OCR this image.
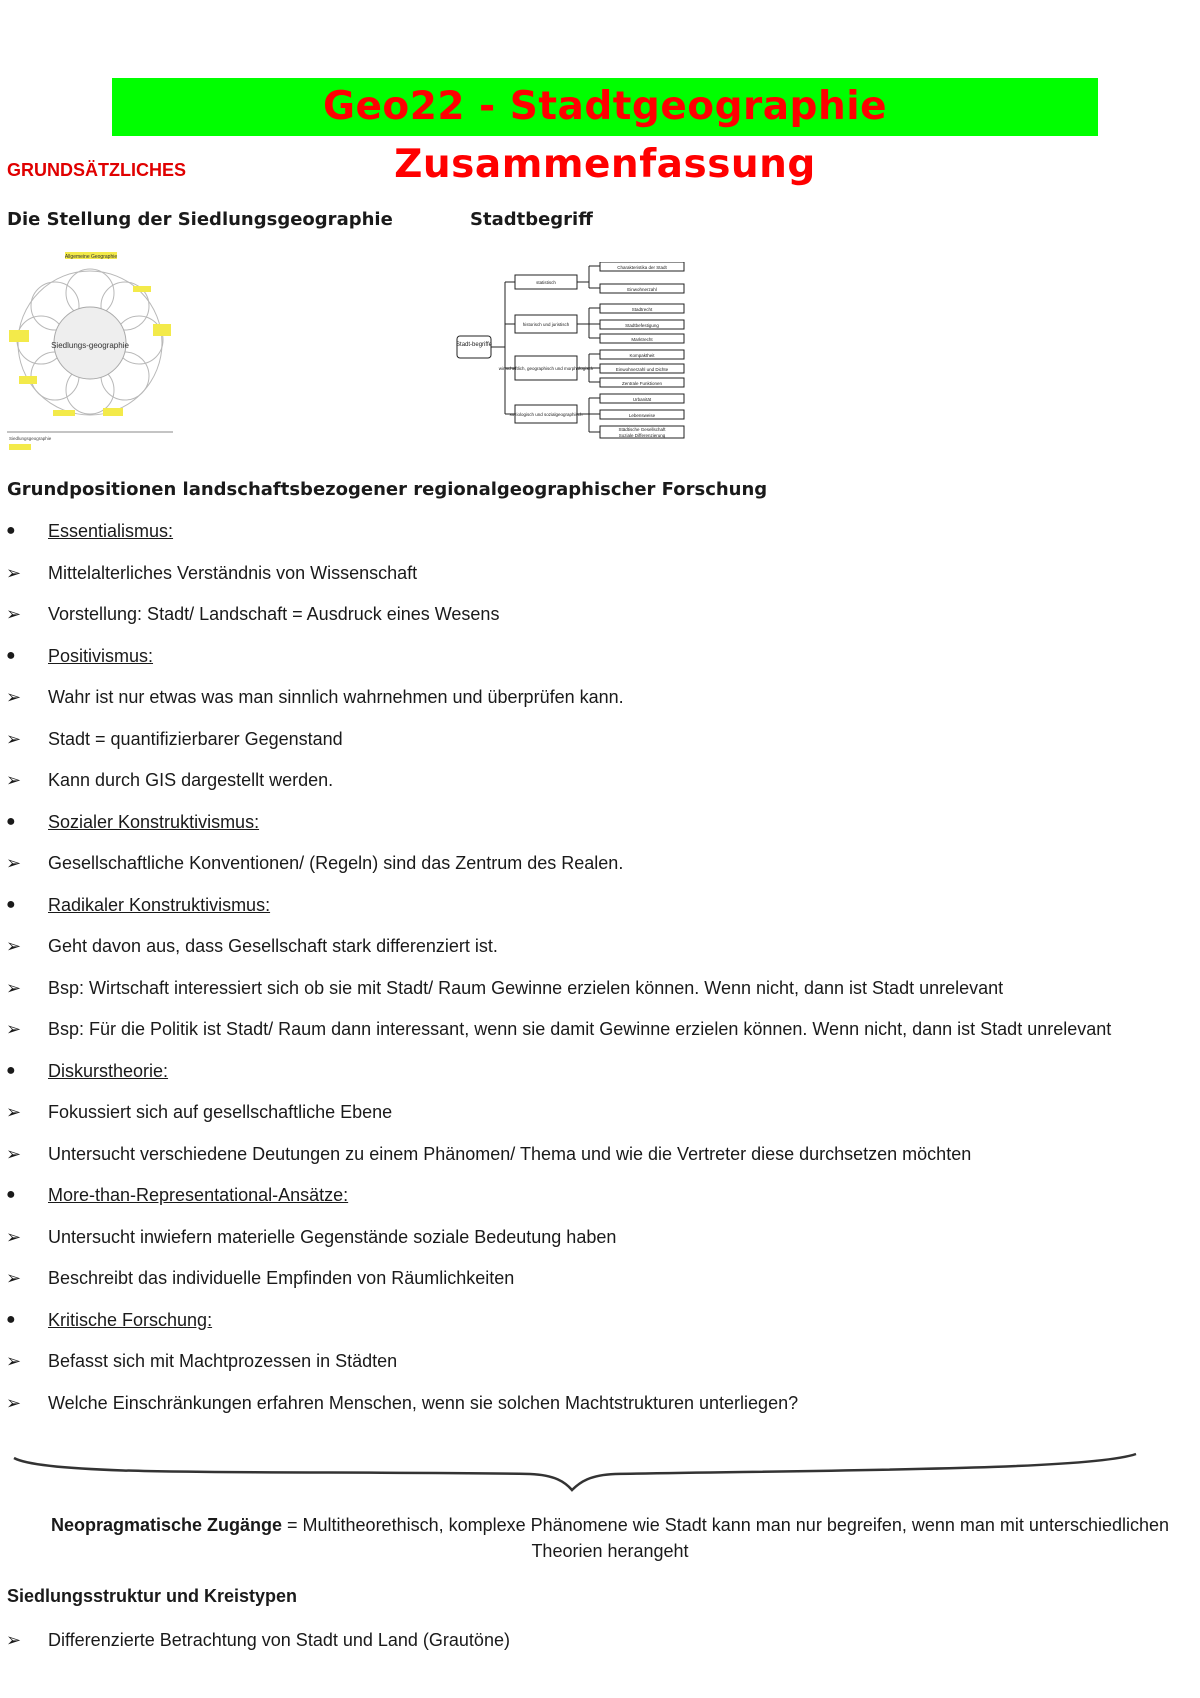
Geo22 - Stadtgeographie Zusammenfassung
GRUNDSÄTZLICHES
Die Stellung der Siedlungsgeographie	Stadtbegriff
Siedlungs-geographie
Allgemeine Geographie
Siedlungsgeographie
Stadt-begriffe
statistisch
historisch und juristisch
wirtschaftlich, geographisch und morphologisch
soziologisch und sozialgeographisch
Charakteristika der Stadt
Einwohnerzahl
Stadtrecht
Stadtbefestigung
Marktrecht
Kompaktheit
Einwohnerzahl und Dichte
Zentrale Funktionen
Urbanität
Lebensweise
Städtische Gesellschaft
Soziale Differenzierung
Grundpositionen landschaftsbezogener regionalgeographischer Forschung
●	Essentialismus:
➢ Mittelalterliches Verständnis von Wissenschaft
➢ Vorstellung: Stadt/ Landschaft = Ausdruck eines Wesens
●	Positivismus:
➢ Wahr ist nur etwas was man sinnlich wahrnehmen und überprüfen kann.
➢ Stadt = quantifizierbarer Gegenstand
➢ Kann durch GIS dargestellt werden.
●	Sozialer Konstruktivismus:
➢ Gesellschaftliche Konventionen/ (Regeln) sind das Zentrum des Realen.
●	Radikaler Konstruktivismus:
➢ Geht davon aus, dass Gesellschaft stark differenziert ist.
➢ Bsp: Wirtschaft interessiert sich ob sie mit Stadt/ Raum Gewinne erzielen können. Wenn nicht, dann ist Stadt unrelevant
➢ Bsp: Für die Politik ist Stadt/ Raum dann interessant, wenn sie damit Gewinne erzielen können. Wenn nicht, dann ist Stadt unrelevant
●	Diskurstheorie:
➢ Fokussiert sich auf gesellschaftliche Ebene
➢ Untersucht verschiedene Deutungen zu einem Phänomen/ Thema und wie die Vertreter diese durchsetzen möchten
●	More-than-Representational-Ansätze:
➢ Untersucht inwiefern materielle Gegenstände soziale Bedeutung haben
➢ Beschreibt das individuelle Empfinden von Räumlichkeiten
●	Kritische Forschung:
➢ Befasst sich mit Machtprozessen in Städten
➢ Welche Einschränkungen erfahren Menschen, wenn sie solchen Machtstrukturen unterliegen?
Neopragmatische Zugänge = Multitheorethisch, komplexe Phänomene wie Stadt kann man nur begreifen, wenn man mit unterschiedlichen Theorien herangeht
Siedlungsstruktur und Kreistypen
➢ Differenzierte Betrachtung von Stadt und Land (Grautöne)
